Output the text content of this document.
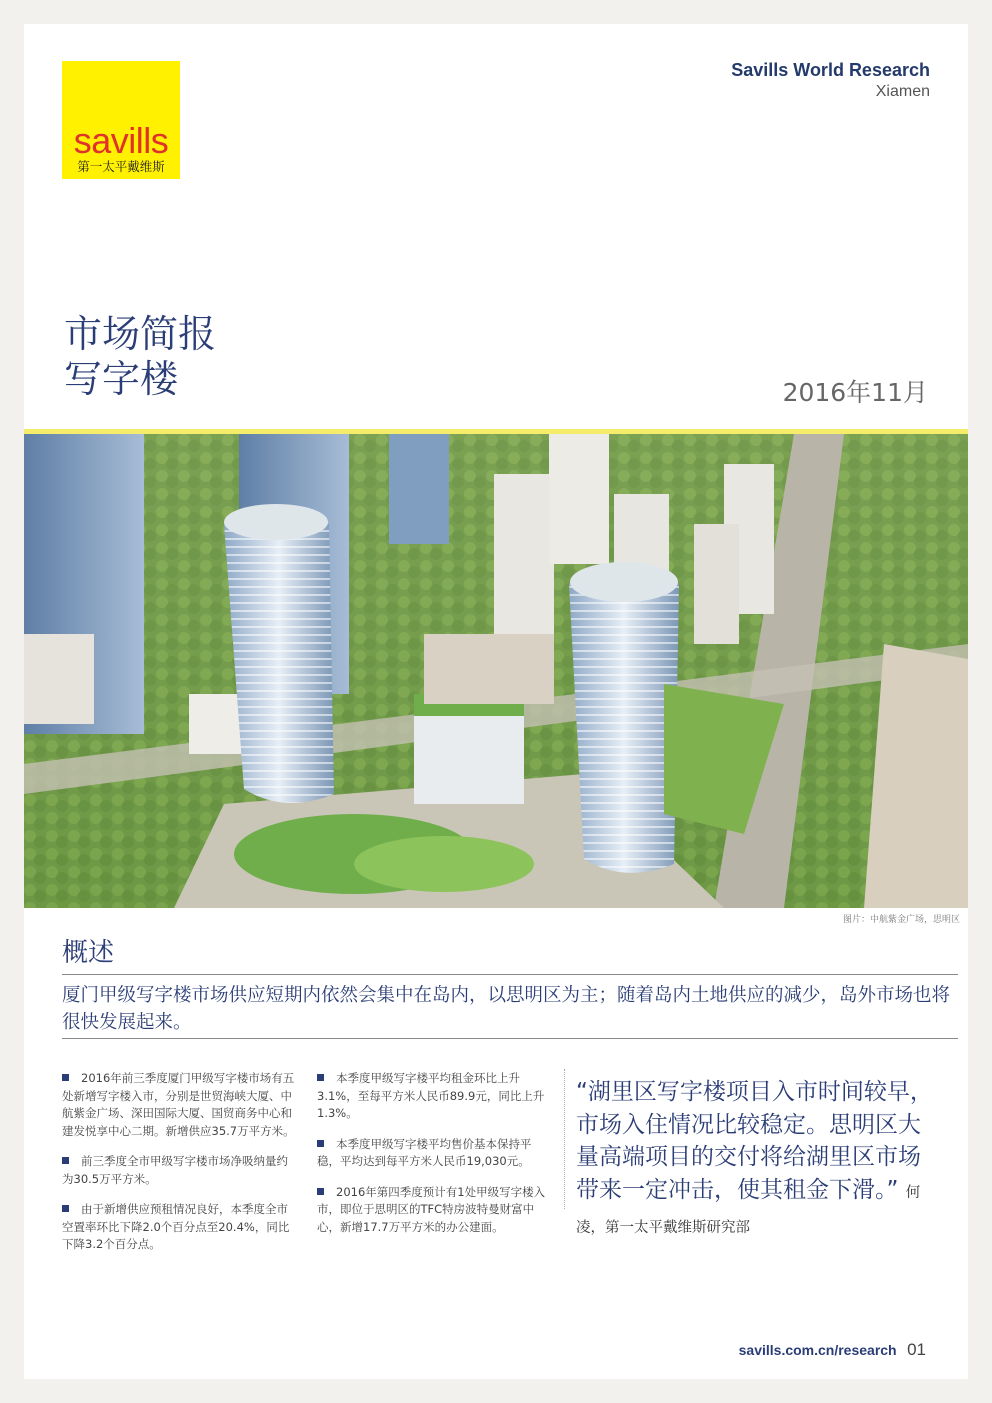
savills
第一太平戴维斯
Savills World Research
Xiamen
市场简报
写字楼	2016年11月
图片：中航紫金广场，思明区
概述
厦门甲级写字楼市场供应短期内依然会集中在岛内，以思明区为主；随着岛内土地供应的减少，岛外市场也将很快发展起来。
2016年前三季度厦门甲级写字楼市场有五处新增写字楼入市，分别是世贸海峡大厦、中航紫金广场、深田国际大厦、国贸商务中心和建发悦享中心二期。新增供应35.7万平方米。
前三季度全市甲级写字楼市场净吸纳量约为30.5万平方米。
由于新增供应预租情况良好，本季度全市空置率环比下降2.0个百分点至20.4%，同比下降3.2个百分点。
本季度甲级写字楼平均租金环比上升3.1%，至每平方米人民币89.9元，同比上升1.3%。
本季度甲级写字楼平均售价基本保持平稳，平均达到每平方米人民币19,030元。
2016年第四季度预计有1处甲级写字楼入市，即位于思明区的TFC特房波特曼财富中心，新增17.7万平方米的办公建面。
“湖里区写字楼项目入市时间较早，市场入住情况比较稳定。思明区大量高端项目的交付将给湖里区市场带来一定冲击，使其租金下滑。” 何凌，第一太平戴维斯研究部
savills.com.cn/research 01
